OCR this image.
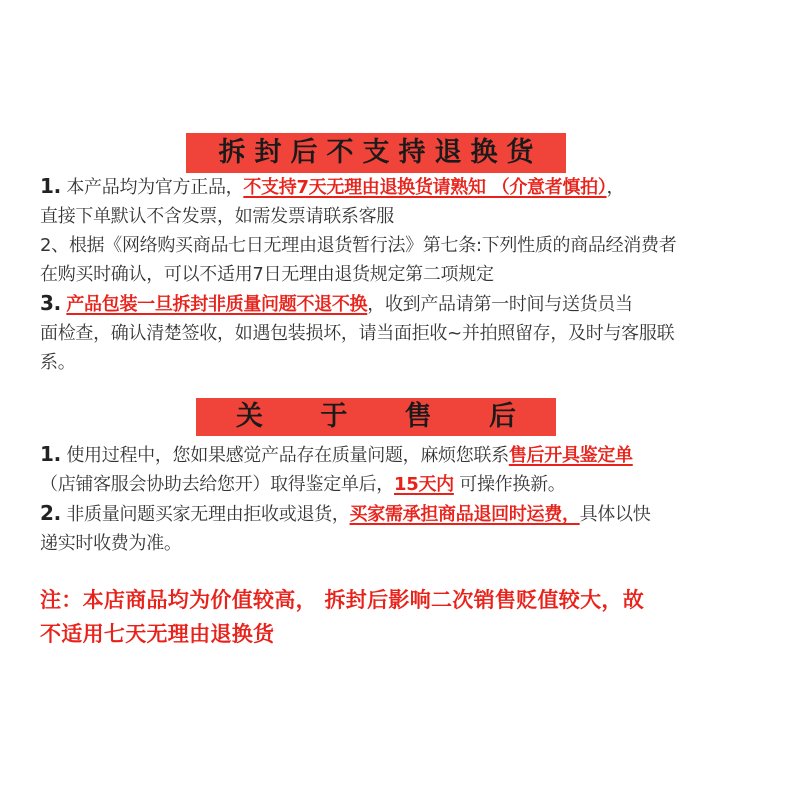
拆封后不支持退换货

1. 本产品均为官方正品，不支持7天无理由退换货请熟知 （介意者慎拍），

直接下单默认不含发票，如需发票请联系客服

2、根据《网络购买商品七日无理由退货暂行法》第七条:下列性质的商品经消费者

在购买时确认，可以不适用7日无理由退货规定第二项规定

3. 产品包装一旦拆封非质量问题不退不换，收到产品请第一时间与送货员当

面检查，确认清楚签收，如遇包装损坏，请当面拒收~并拍照留存，及时与客服联

系。

关 于 售 后

1. 使用过程中，您如果感觉产品存在质量问题，麻烦您联系售后开具鉴定单

（店铺客服会协助去给您开）取得鉴定单后，15天内 可操作换新。

2. 非质量问题买家无理由拒收或退货，买家需承担商品退回时运费，具体以快

递实时收费为准。

注：本店商品均为价值较高， 拆封后影响二次销售贬值较大，故

不适用七天无理由退换货
